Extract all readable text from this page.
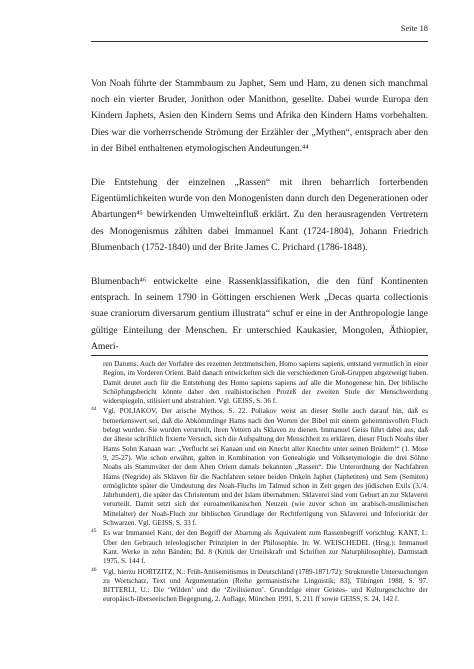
Seite 18

Von Noah führte der Stammbaum zu Japhet, Sem und Ham, zu denen sich manchmal noch ein vierter Bruder, Jonithon oder Manithon, gesellte. Dabei wurde Europa den Kindern Japhets, Asien den Kindern Sems und Afrika den Kindern Hams vorbehalten. Dies war die vorherrschende Strömung der Erzähler der „Mythen“, entsprach aber den in der Bibel enthaltenen etymologischen Andeutungen.⁴⁴

Die Entstehung der einzelnen „Rassen“ mit ihren beharrlich forterbenden Eigentümlichkeiten wurde von den Monogenisten dann durch den Degenerationen oder Abartungen⁴⁵ bewirkenden Umwelteinfluß erklärt. Zu den herausragenden Vertretern des Monogenismus zählten dabei Immanuel Kant (1724-1804), Johann Friedrich Blumenbach (1752-1840) und der Brite James C. Prichard (1786-1848).

Blumenbach⁴⁶ entwickelte eine Rassenklassifikation, die den fünf Kontinenten entsprach. In seinem 1790 in Göttingen erschienen Werk „Decas quarta collectionis suae craniorum diversarum gentium illustrata“ schuf er eine in der Anthropologie lange gültige Einteilung der Menschen. Er unterschied Kaukasier, Mongolen, Äthiopier, Ameri-

ren Datums. Auch der Vorfahre des rezenten Jetztmenschen, Homo sapiens sapiens, entstand vermutlich in einer Region, im Vorderen Orient. Bald danach entwickelten sich die verschiedenen Groß-Gruppen abgezweigt haben. Damit deutet auch für die Entstehung des Homo sapiens sapiens auf alle die Monogenese hin. Der biblische Schöpfungsbericht könnte daher den realhistorischen Prozeß der zweiten Stufe der Menschwerdung widerspiegeln, stilisiert und abstrahiert. Vgl. GEISS, S. 36 f.
44 Vgl. POLIAKOV, Der arische Mythos, S. 22. Poliakov weist an dieser Stelle auch darauf hin, daß es bemerkenswert sei, daß die Abkömmlinge Hams nach den Worten der Bibel mit einem geheimnisvollen Fluch belegt wurden. Sie wurden verurteilt, ihren Vettern als Sklaven zu dienen. Immanuel Geiss führt dabei aus, daß der älteste schriftlich fixierte Versuch, sich die Aufspaltung der Menschheit zu erklären, dieser Fluch Noahs über Hams Sohn Kanaan war: „Verflucht sei Kanaan und ein Knecht aller Knechte unter seinen Brüdern!“ (1. Mose 9, 25-27). Wie schon erwähnt, galten in Kombination von Genealogie und Volksetymologie die drei Söhne Noahs als Stammväter der dem Alten Orient damals bekannten „Rassen“. Die Unterordnung der Nachfahren Hams (Negride) als Sklaven für die Nachfahren seiner beiden Onkeln Japhet (Japhetiten) und Sem (Semiten) ermöglichte später die Umdeutung des Noah-Fluchs im Talmud schon in Zeit gegen des jüdischen Exils (3./4. Jahrhundert), die später das Christentum und der Islam übernahmen: Sklaverei sind vom Geburt an zur Sklaverei verurteilt. Damit setzt sich der euroamerikanischen Neuzeit (wie zuvor schon im arabisch-muslimischen Mittelalter) der Noah-Fluch zur biblischen Grundlage der Rechtfertigung von Sklaverei und Inferiorität der Schwarzen. Vgl. GEISS, S. 33 f.
45 Es war Immanuel Kant, der den Begriff der Abartung als Äquivalent zum Rassenbegriff vorschlug. KANT, I.: Über den Gebrauch teleologischer Prinzipien in der Philosophie. In: W. WEISCHEDEL (Hrsg.): Immanuel Kant. Werke in zehn Bänden; Bd. 8 (Kritik der Urteilskraft und Schriften zur Naturphilosophie), Darmstadt 1975, S. 144 f.
46 Vgl. hierzu HORTZITZ, N.: Früh-Antisemitismus in Deutschland (1789-1871/72): Strukturelle Untersuchungen zu Wortschatz, Text und Argumentation (Reihe germanistische Linguistik; 83), Tübingen 1988, S. 97. BITTERLI, U.: Die ‘Wilden’ und die ‘Zivilisierten’. Grundzüge einer Geistes- und Kulturgeschichte der europäisch-überseeischen Begegnung, 2. Auflage, München 1991, S. 211 ff sowie GEISS, S. 24, 142 f.
